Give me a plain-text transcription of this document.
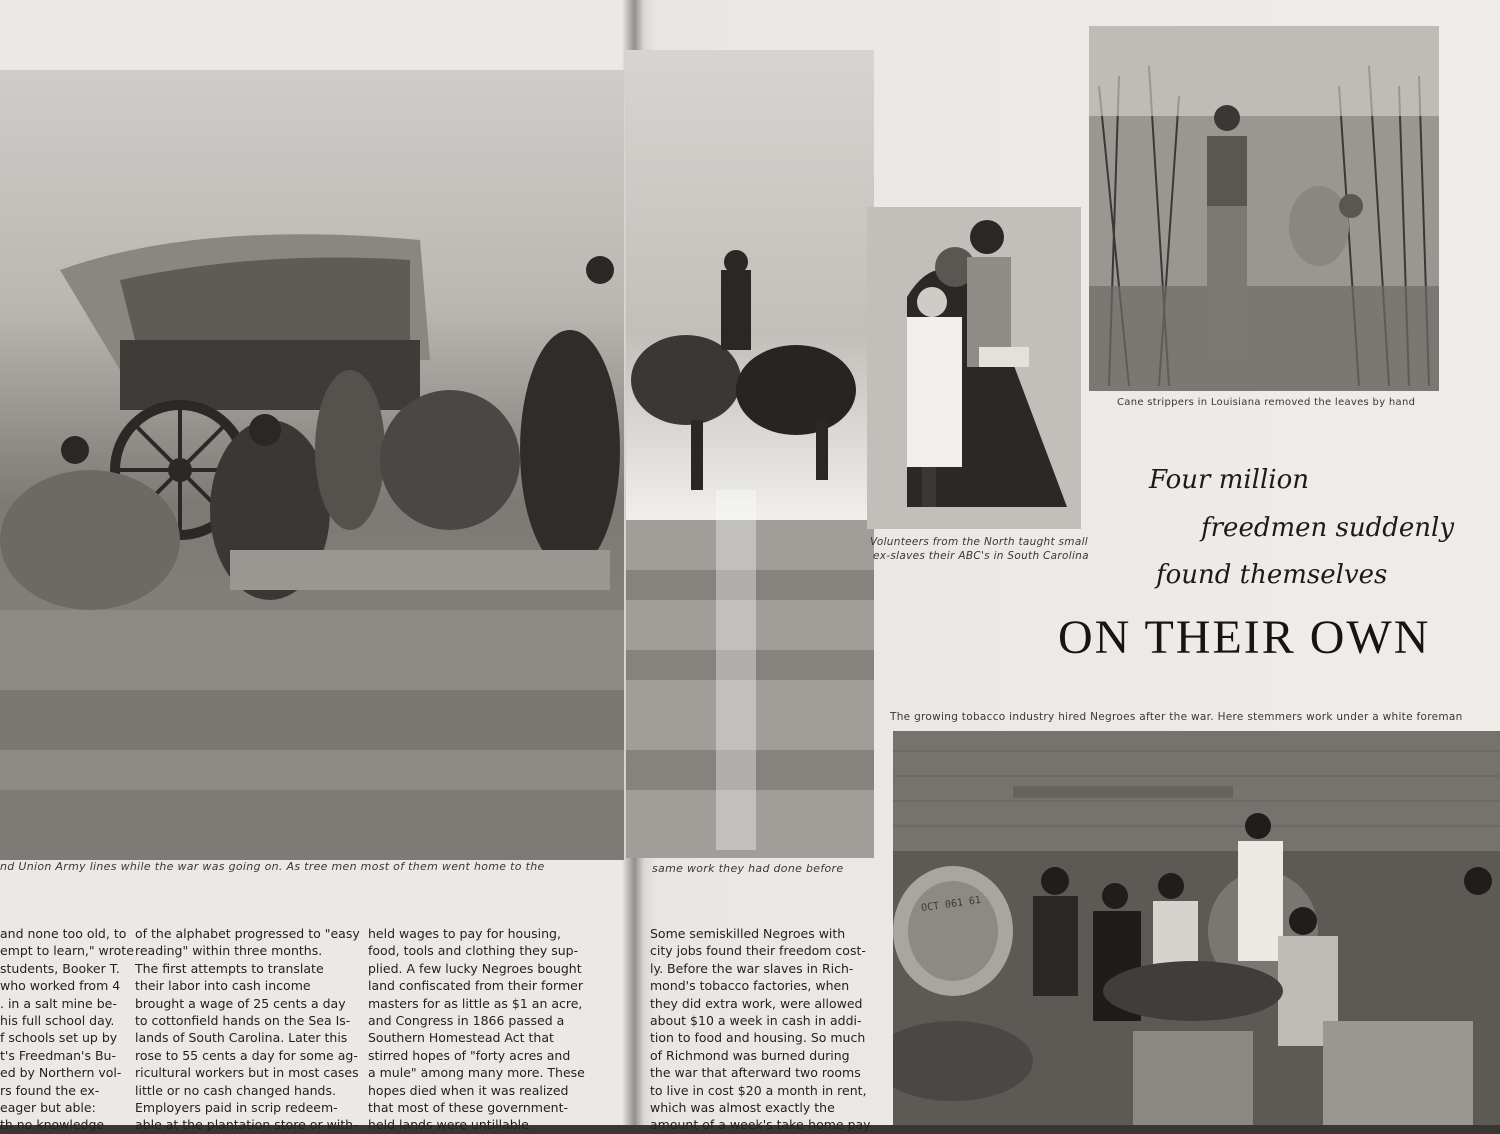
nd Union Army lines while the war was going on. As tree men most of them went home to the	same work they had done before
Volunteers from the North taught small
ex-slaves their ABC's in South Carolina
Cane strippers in Louisiana removed the leaves by hand
Four million
freedmen suddenly
found themselves
ON THEIR OWN
The growing tobacco industry hired Negroes after the war. Here stemmers work under a white foreman
OCT 061 61
and none too old, to
empt to learn," wrote
students, Booker T.
who worked from 4
. in a salt mine be-
his full school day.
f schools set up by
t's Freedman's Bu-
ed by Northern vol-
rs found the ex-
eager but able:
th no knowledge
of the alphabet progressed to "easy
reading" within three months.
The first attempts to translate
their labor into cash income
brought a wage of 25 cents a day
to cottonfield hands on the Sea Is-
lands of South Carolina. Later this
rose to 55 cents a day for some ag-
ricultural workers but in most cases
little or no cash changed hands.
Employers paid in scrip redeem-
able at the plantation store or with-
held wages to pay for housing,
food, tools and clothing they sup-
plied. A few lucky Negroes bought
land confiscated from their former
masters for as little as $1 an acre,
and Congress in 1866 passed a
Southern Homestead Act that
stirred hopes of "forty acres and
a mule" among many more. These
hopes died when it was realized
that most of these government-
held lands were untillable.
Some semiskilled Negroes with
city jobs found their freedom cost-
ly. Before the war slaves in Rich-
mond's tobacco factories, when
they did extra work, were allowed
about $10 a week in cash in addi-
tion to food and housing. So much
of Richmond was burned during
the war that afterward two rooms
to live in cost $20 a month in rent,
which was almost exactly the
amount of a week's take-home pay
